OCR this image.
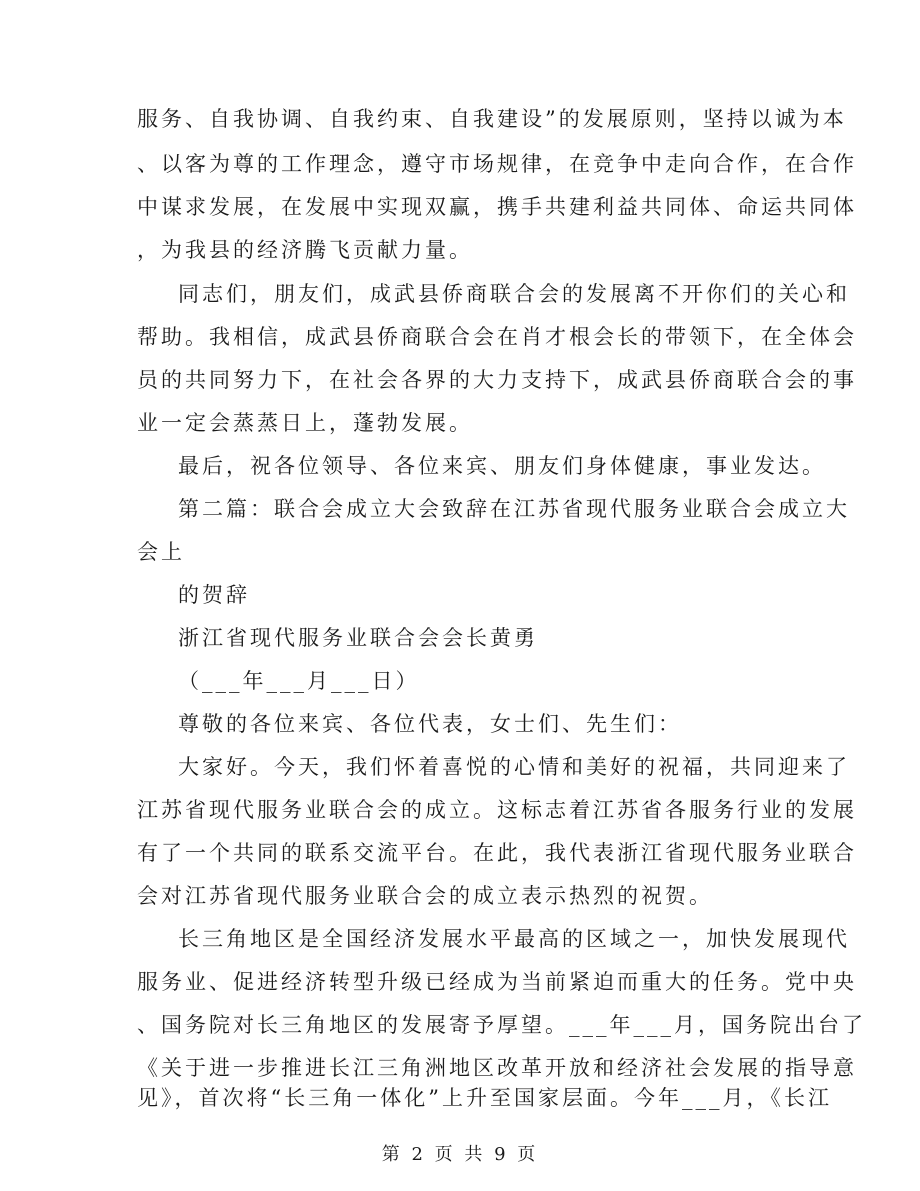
服务、自我协调、自我约束、自我建设”的发展原则，坚持以诚为本
、以客为尊的工作理念，遵守市场规律，在竞争中走向合作，在合作
中谋求发展，在发展中实现双赢，携手共建利益共同体、命运共同体
，为我县的经济腾飞贡献力量。
同志们，朋友们，成武县侨商联合会的发展离不开你们的关心和
帮助。我相信，成武县侨商联合会在肖才根会长的带领下，在全体会
员的共同努力下，在社会各界的大力支持下，成武县侨商联合会的事
业一定会蒸蒸日上，蓬勃发展。
最后，祝各位领导、各位来宾、朋友们身体健康，事业发达。
第二篇：联合会成立大会致辞在江苏省现代服务业联合会成立大
会上
的贺辞
浙江省现代服务业联合会会长黄勇
（___年___月___日）
尊敬的各位来宾、各位代表，女士们、先生们：
大家好。今天，我们怀着喜悦的心情和美好的祝福，共同迎来了
江苏省现代服务业联合会的成立。这标志着江苏省各服务行业的发展
有了一个共同的联系交流平台。在此，我代表浙江省现代服务业联合
会对江苏省现代服务业联合会的成立表示热烈的祝贺。
长三角地区是全国经济发展水平最高的区域之一，加快发展现代
服务业、促进经济转型升级已经成为当前紧迫而重大的任务。党中央
、国务院对长三角地区的发展寄予厚望。___年___月，国务院出台了
《关于进一步推进长江三角洲地区改革开放和经济社会发展的指导意
第 2 页 共 9 页
见》，首次将“长三角一体化”上升至国家层面。今年___月，《长江
